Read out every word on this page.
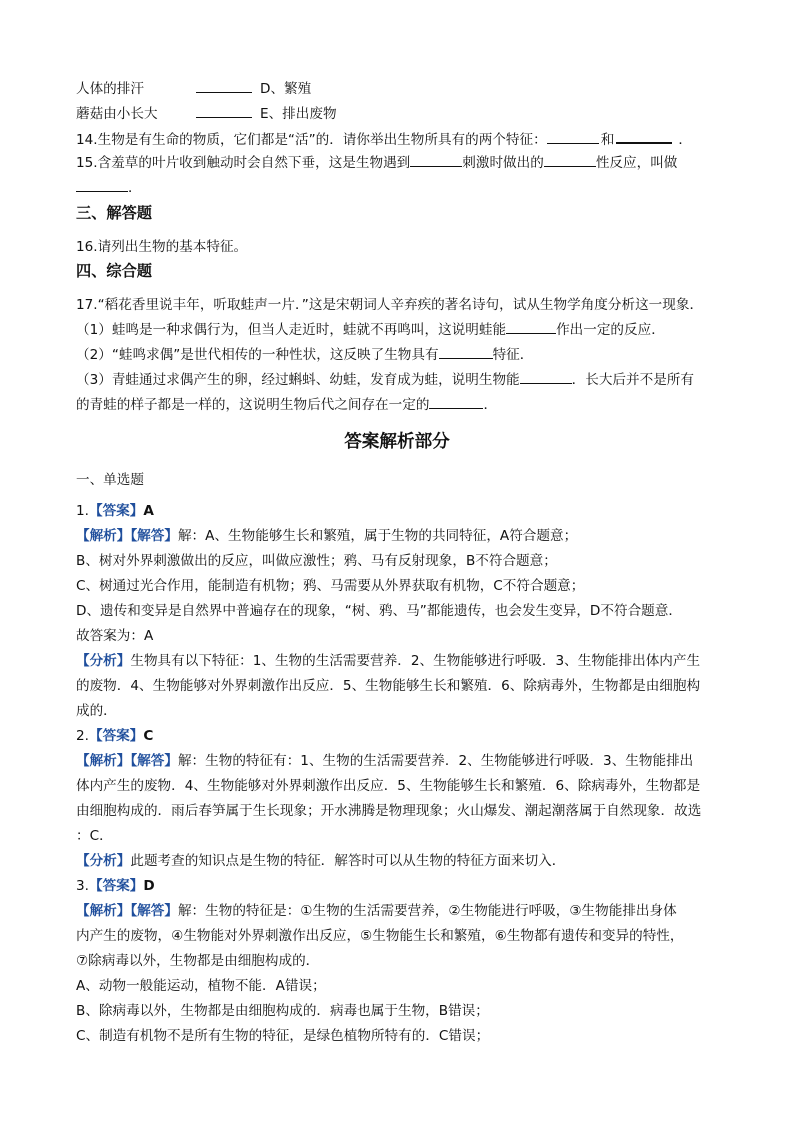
人体的排汗	D、繁殖
蘑菇由小长大	E、排出废物
14.生物是有生命的物质，它们都是“活”的．请你举出生物所具有的两个特征：	和	．
15.含羞草的叶片收到触动时会自然下垂，这是生物遇到	刺激时做出的	性反应，叫做
．
三、解答题
16.请列出生物的基本特征。
四、综合题
17.“稻花香里说丰年，听取蛙声一片．”这是宋朝词人辛弃疾的著名诗句，试从生物学角度分析这一现象．
（1）蛙鸣是一种求偶行为，但当人走近时，蛙就不再鸣叫，这说明蛙能	作出一定的反应．
（2）“蛙鸣求偶”是世代相传的一种性状，这反映了生物具有	特征．
（3）青蛙通过求偶产生的卵，经过蝌蚪、幼蛙，发育成为蛙，说明生物能	．长大后并不是所有
的青蛙的样子都是一样的，这说明生物后代之间存在一定的	．
答案解析部分
一、单选题
1.【答案】A
【解析】【解答】解：A、生物能够生长和繁殖，属于生物的共同特征，A符合题意；
B、树对外界刺激做出的反应，叫做应激性；鸦、马有反射现象，B不符合题意；
C、树通过光合作用，能制造有机物；鸦、马需要从外界获取有机物，C不符合题意；
D、遗传和变异是自然界中普遍存在的现象，“树、鸦、马”都能遗传，也会发生变异，D不符合题意．
故答案为：A
【分析】生物具有以下特征：1、生物的生活需要营养．2、生物能够进行呼吸．3、生物能排出体内产生
的废物．4、生物能够对外界刺激作出反应．5、生物能够生长和繁殖．6、除病毒外，生物都是由细胞构
成的．
2.【答案】C
【解析】【解答】解：生物的特征有：1、生物的生活需要营养．2、生物能够进行呼吸．3、生物能排出
体内产生的废物．4、生物能够对外界刺激作出反应．5、生物能够生长和繁殖．6、除病毒外，生物都是
由细胞构成的．雨后春笋属于生长现象；开水沸腾是物理现象；火山爆发、潮起潮落属于自然现象．故选
：C．
【分析】此题考查的知识点是生物的特征．解答时可以从生物的特征方面来切入．
3.【答案】D
【解析】【解答】解：生物的特征是：①生物的生活需要营养，②生物能进行呼吸，③生物能排出身体
内产生的废物，④生物能对外界刺激作出反应，⑤生物能生长和繁殖，⑥生物都有遗传和变异的特性，
⑦除病毒以外，生物都是由细胞构成的．
A、动物一般能运动，植物不能．A错误；
B、除病毒以外，生物都是由细胞构成的．病毒也属于生物，B错误；
C、制造有机物不是所有生物的特征，是绿色植物所特有的．C错误；
